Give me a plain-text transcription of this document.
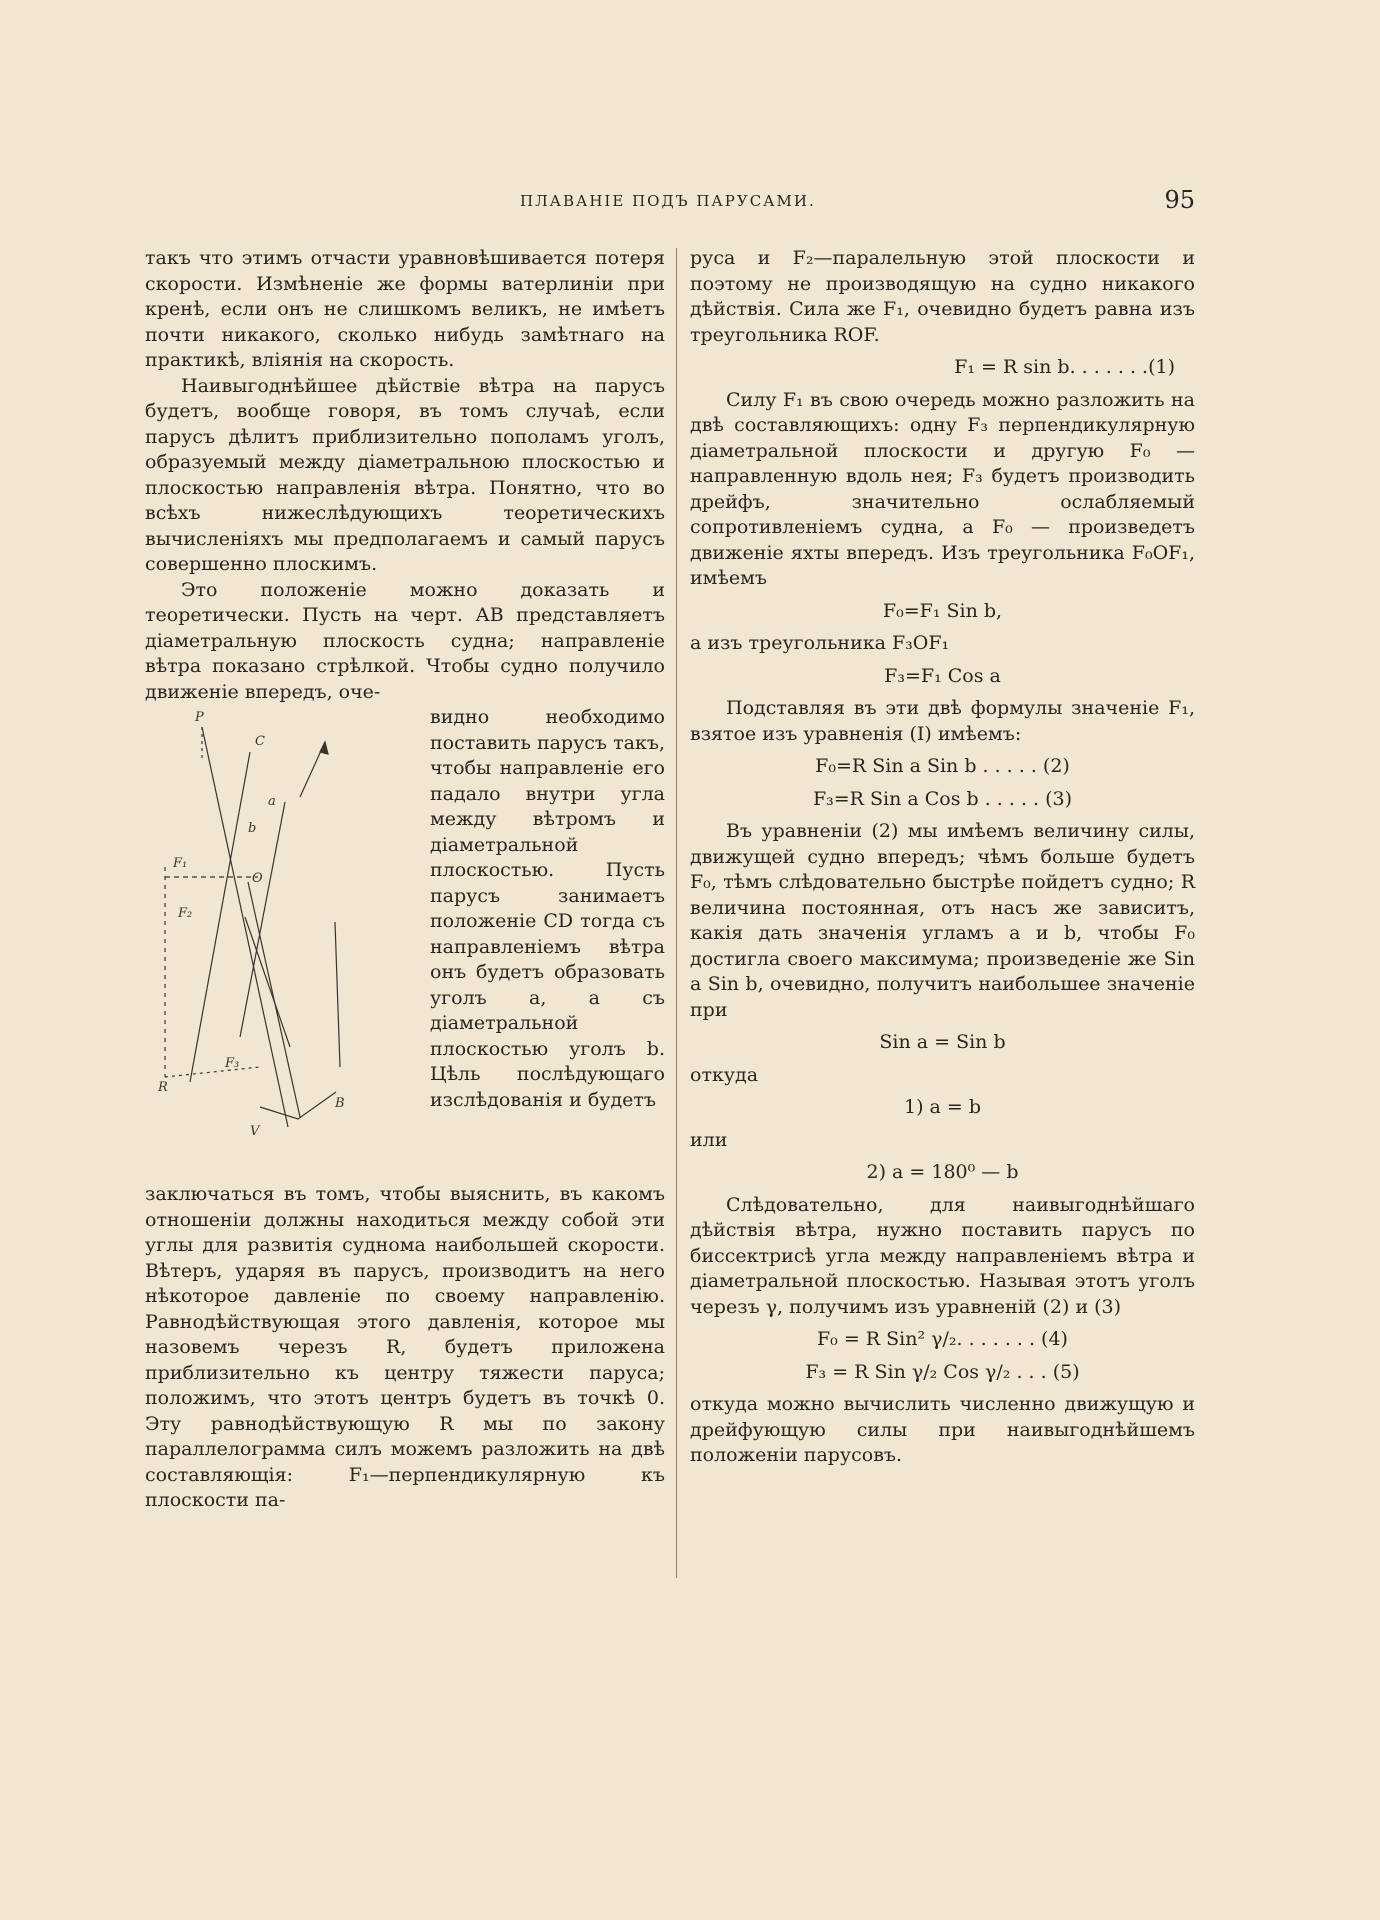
ПЛАВАНІЕ ПОДЪ ПАРУСАМИ.	95

такъ что этимъ отчасти уравновѣшивается потеря скорости. Измѣненіе же формы ватерлиніи при кренѣ, если онъ не слишкомъ великъ, не имѣетъ почти никакого, сколько нибудь замѣтнаго на практикѣ, вліянія на скорость.

Наивыгоднѣйшее дѣйствіе вѣтра на парусъ будетъ, вообще говоря, въ томъ случаѣ, если парусъ дѣлитъ приблизительно пополамъ уголъ, образуемый между діаметральною плоскостью и плоскостью направленія вѣтра. Понятно, что во всѣхъ нижеслѣдующихъ теоретическихъ вычисленіяхъ мы предполагаемъ и самый парусъ совершенно плоскимъ.

Это положеніе можно доказать и теоретически. Пусть на черт. АВ представляетъ діаметральную плоскость судна; направленіе вѣтра показано стрѣлкой. Чтобы судно получило движеніе впередъ, оче-

P
C
a
b
F₁
O
F₂
R
F₃
B
V

видно необходимо поставить парусъ такъ, чтобы направленіе его падало внутри угла между вѣтромъ и діаметральной плоскостью. Пусть парусъ занимаетъ положеніе CD тогда съ направленіемъ вѣтра онъ будетъ образовать уголъ а, а съ діаметральной плоскостью уголъ b. Цѣль послѣдующаго изслѣдованія и будетъ

заключаться въ томъ, чтобы выяснить, въ какомъ отношеніи должны находиться между собой эти углы для развитія суднома наибольшей скорости. Вѣтеръ, ударяя въ парусъ, производитъ на него нѣкоторое давленіе по своему направленію. Равнодѣйствующая этого давленія, которое мы назовемъ черезъ R, будетъ приложена приблизительно къ центру тяжести паруса; положимъ, что этотъ центръ будетъ въ точкѣ 0. Эту равнодѣйствующую R мы по закону параллелограмма силъ можемъ разложить на двѣ составляющія: F₁—перпендикулярную къ плоскости па-

руса и F₂—паралельную этой плоскости и поэтому не производящую на судно никакого дѣйствія. Сила же F₁, очевидно будетъ равна изъ треугольника ROF.

F₁ = R sin b. . . . . . .(1)

Силу F₁ въ свою очередь можно разложить на двѣ составляющихъ: одну F₃ перпендикулярную діаметральной плоскости и другую F₀ — направленную вдоль нея; F₃ будетъ производить дрейфъ, значительно ослабляемый сопротивленіемъ судна, а F₀ — произведетъ движеніе яхты впередъ. Изъ треугольника F₀OF₁, имѣемъ

F₀=F₁ Sin b,

а изъ треугольника F₃OF₁

F₃=F₁ Cos a

Подставляя въ эти двѣ формулы значеніе F₁, взятое изъ уравненія (I) имѣемъ:

F₀=R Sin a Sin b . . . . . (2)
F₃=R Sin a Cos b . . . . . (3)

Въ уравненіи (2) мы имѣемъ величину силы, движущей судно впередъ; чѣмъ больше будетъ F₀, тѣмъ слѣдовательно быстрѣе пойдетъ судно; R величина постоянная, отъ насъ же зависитъ, какія дать значенія угламъ a и b, чтобы F₀ достигла своего максимума; произведеніе же Sin a Sin b, очевидно, получитъ наибольшее значеніе при

Sin a = Sin b

откуда

1) a = b

или

2) a = 180⁰ — b

Слѣдовательно, для наивыгоднѣйшаго дѣйствія вѣтра, нужно поставить парусъ по биссектрисѣ угла между направленіемъ вѣтра и діаметральной плоскостью. Называя этотъ уголъ черезъ γ, получимъ изъ уравненій (2) и (3)

F₀ = R Sin² γ/₂. . . . . . . (4)
F₃ = R Sin γ/₂ Cos γ/₂ . . . (5)

откуда можно вычислить численно движущую и дрейфующую силы при наивыгоднѣйшемъ положеніи парусовъ.
